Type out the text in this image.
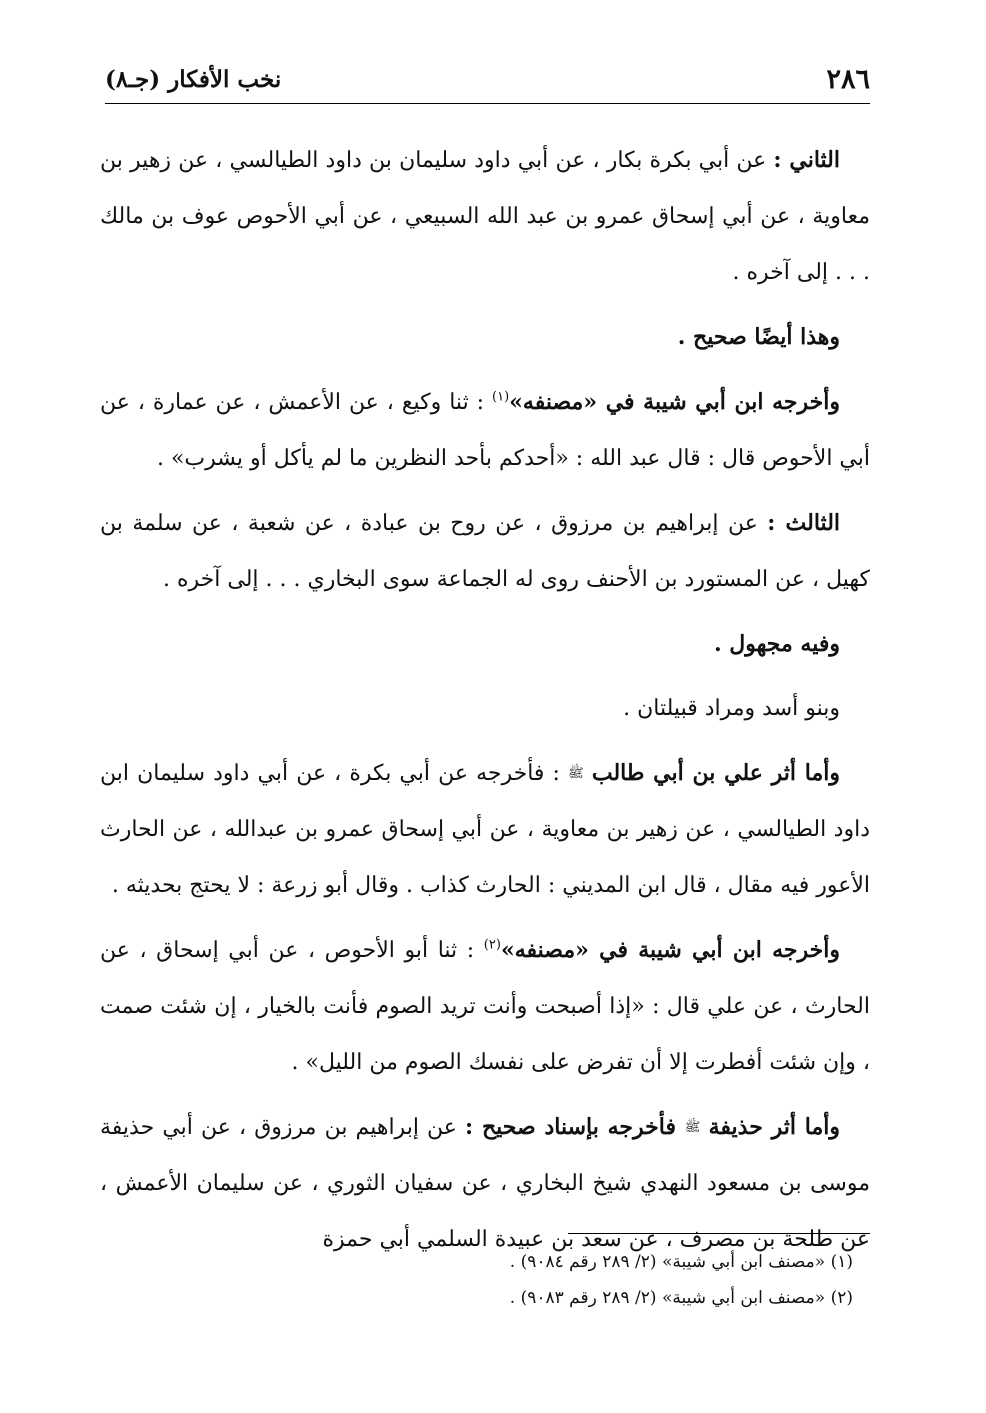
٢٨٦
نخب الأفكار (جـ٨)

الثاني : عن أبي بكرة بكار ، عن أبي داود سليمان بن داود الطيالسي ، عن زهير بن معاوية ، عن أبي إسحاق عمرو بن عبد الله السبيعي ، عن أبي الأحوص عوف بن مالك . . . إلى آخره .

وهذا أيضًا صحيح .

وأخرجه ابن أبي شيبة في «مصنفه»$^{(١)}$ : ثنا وكيع ، عن الأعمش ، عن عمارة ، عن أبي الأحوص قال : قال عبد الله : «أحدكم بأحد النظرين ما لم يأكل أو يشرب» .

الثالث : عن إبراهيم بن مرزوق ، عن روح بن عبادة ، عن شعبة ، عن سلمة بن كهيل ، عن المستورد بن الأحنف روى له الجماعة سوى البخاري . . . إلى آخره .

وفيه مجهول .

وبنو أسد ومراد قبيلتان .

وأما أثر علي بن أبي طالب ﷺ : فأخرجه عن أبي بكرة ، عن أبي داود سليمان ابن داود الطيالسي ، عن زهير بن معاوية ، عن أبي إسحاق عمرو بن عبدالله ، عن الحارث الأعور فيه مقال ، قال ابن المديني : الحارث كذاب . وقال أبو زرعة : لا يحتج بحديثه .

وأخرجه ابن أبي شيبة في «مصنفه»$^{(٢)}$ : ثنا أبو الأحوص ، عن أبي إسحاق ، عن الحارث ، عن علي قال : «إذا أصبحت وأنت تريد الصوم فأنت بالخيار ، إن شئت صمت ، وإن شئت أفطرت إلا أن تفرض على نفسك الصوم من الليل» .

وأما أثر حذيفة ﷺ فأخرجه بإسناد صحيح : عن إبراهيم بن مرزوق ، عن أبي حذيفة موسى بن مسعود النهدي شيخ البخاري ، عن سفيان الثوري ، عن سليمان الأعمش ، عن طلحة بن مصرف ، عن سعد بن عبيدة السلمي أبي حمزة

(١) «مصنف ابن أبي شيبة» (٢/ ٢٨٩ رقم ٩٠٨٤) .

(٢) «مصنف ابن أبي شيبة» (٢/ ٢٨٩ رقم ٩٠٨٣) .
